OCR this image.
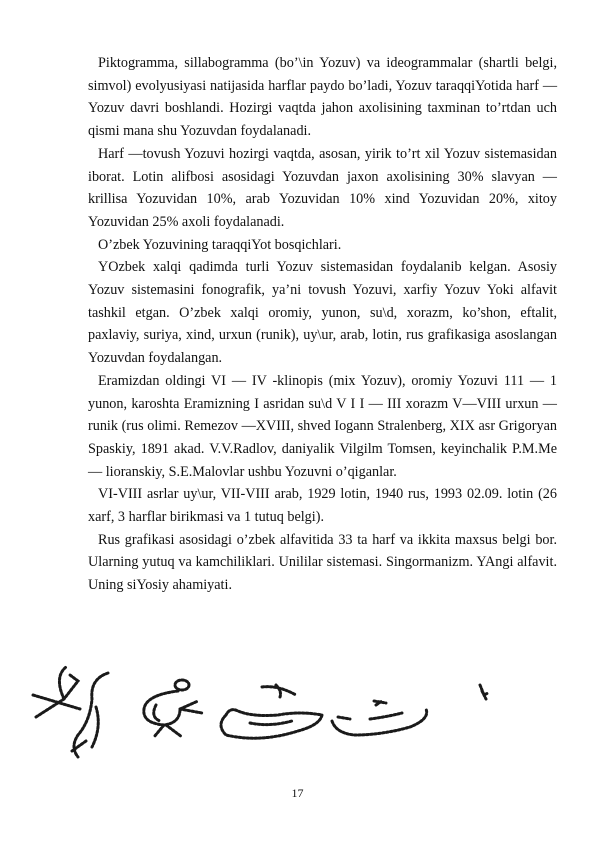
Piktogramma, sillabogramma (bo’\in Yozuv) va ideogrammalar (shartli belgi, simvol) evolyusiyasi natijasida harflar paydo bo’ladi, Yozuv taraqqiYotida harf — Yozuv davri boshlandi. Hozirgi vaqtda jahon axolisining taxminan to’rtdan uch qismi mana shu Yozuvdan foydalanadi.

Harf —tovush Yozuvi hozirgi vaqtda, asosan, yirik to’rt xil Yozuv sistemasidan iborat. Lotin alifbosi asosidagi Yozuvdan jaxon axolisining 30% slavyan — krillisa Yozuvidan 10%, arab Yozuvidan 10% xind Yozuvidan 20%, xitoy Yozuvidan 25% axoli foydalanadi.

O’zbek Yozuvining taraqqiYot bosqichlari.

YOzbek xalqi qadimda turli Yozuv sistemasidan foydalanib kelgan. Asosiy Yozuv sistemasini fonografik, ya’ni tovush Yozuvi, xarfiy Yozuv Yoki alfavit tashkil etgan. O’zbek xalqi oromiy, yunon, su\d, xorazm, ko’shon, eftalit, paxlaviy, suriya, xind, urxun (runik), uy\ur, arab, lotin, rus grafikasiga asoslangan Yozuvdan foydalangan.

Eramizdan oldingi VI — IV -klinopis (mix Yozuv), oromiy Yozuvi 111 — 1 yunon, karoshta Eramizning I asridan su\d V I I — III xorazm V—VIII urxun — runik (rus olimi. Remezov —XVIII, shved Iogann Stralenberg, XIX asr Grigoryan Spaskiy, 1891 akad. V.V.Radlov, daniyalik Vilgilm Tomsen, keyinchalik P.M.Me — lioranskiy, S.E.Malovlar ushbu Yozuvni o’qiganlar.

VI-VIII asrlar uy\ur, VII-VIII arab, 1929 lotin, 1940 rus, 1993 02.09. lotin (26 xarf, 3 harflar birikmasi va 1 tutuq belgi).

Rus grafikasi asosidagi o’zbek alfavitida 33 ta harf va ikkita maxsus belgi bor. Ularning yutuq va kamchiliklari. Unililar sistemasi. Singormanizm. YAngi alfavit. Uning siYosiy ahamiyati.

17
